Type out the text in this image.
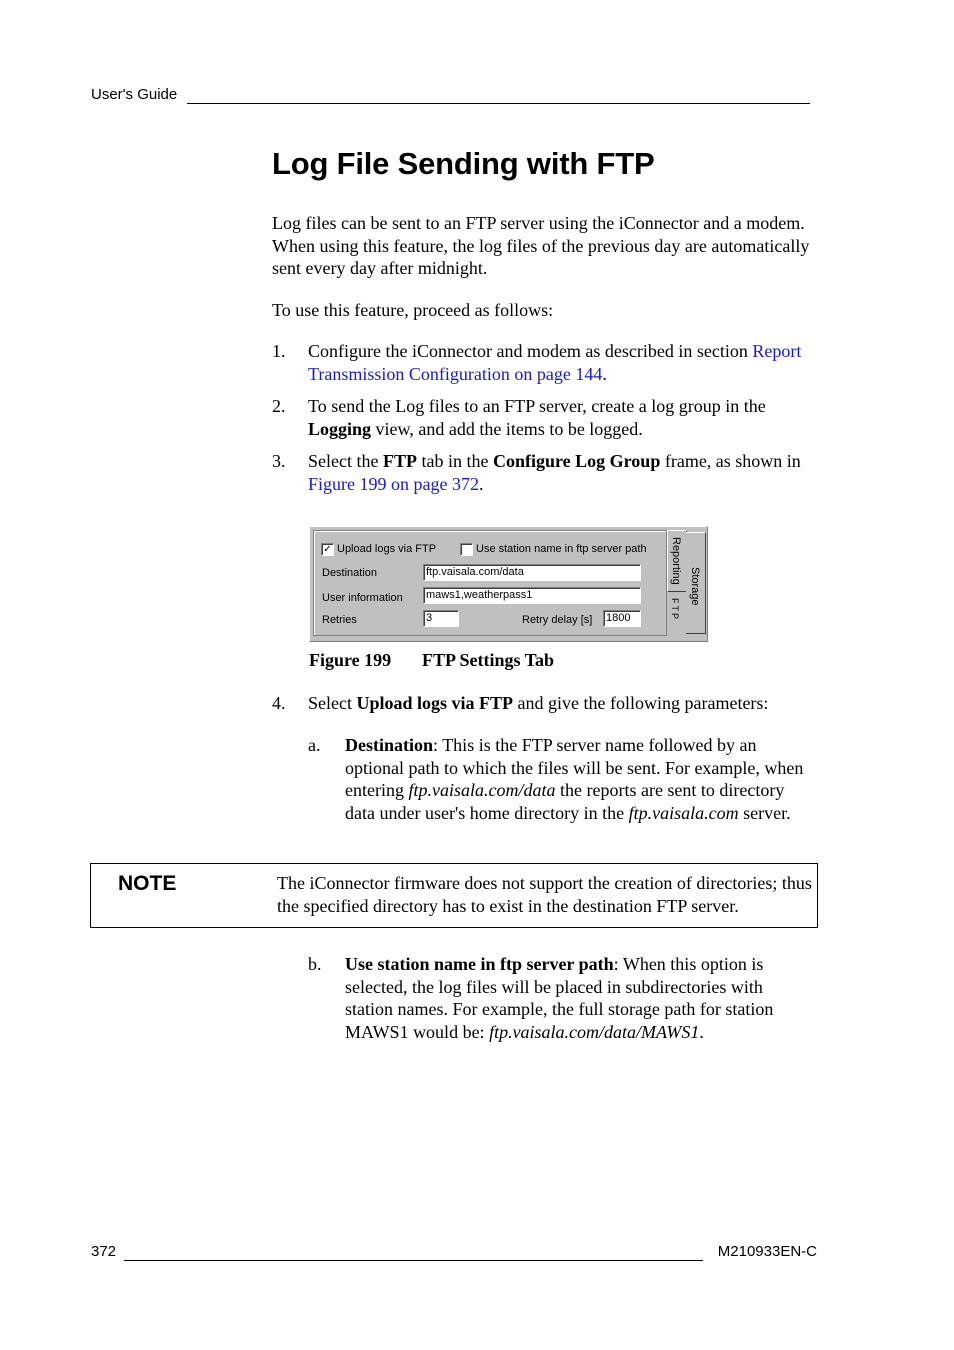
User's Guide
Log File Sending with FTP
Log files can be sent to an FTP server using the iConnector and a modem. When using this feature, the log files of the previous day are automatically sent every day after midnight.
To use this feature, proceed as follows:
1. Configure the iConnector and modem as described in section Report Transmission Configuration on page 144.
2. To send the Log files to an FTP server, create a log group in the Logging view, and add the items to be logged.
3. Select the FTP tab in the Configure Log Group frame, as shown in Figure 199 on page 372.
✓ Upload logs via FTP	Use station name in ftp server path
Destination	ftp.vaisala.com/data
User information maws1,weatherpass1
Retries	3	Retry delay [s] 1800
Reporting
Storage
FTP
Figure 199 FTP Settings Tab
4. Select Upload logs via FTP and give the following parameters:
a. Destination: This is the FTP server name followed by an optional path to which the files will be sent. For example, when entering ftp.vaisala.com/data the reports are sent to directory data under user's home directory in the ftp.vaisala.com server.
NOTE	The iConnector firmware does not support the creation of directories; thus the specified directory has to exist in the destination FTP server.
b. Use station name in ftp server path: When this option is selected, the log files will be placed in subdirectories with station names. For example, the full storage path for station MAWS1 would be: ftp.vaisala.com/data/MAWS1.
372	M210933EN-C
